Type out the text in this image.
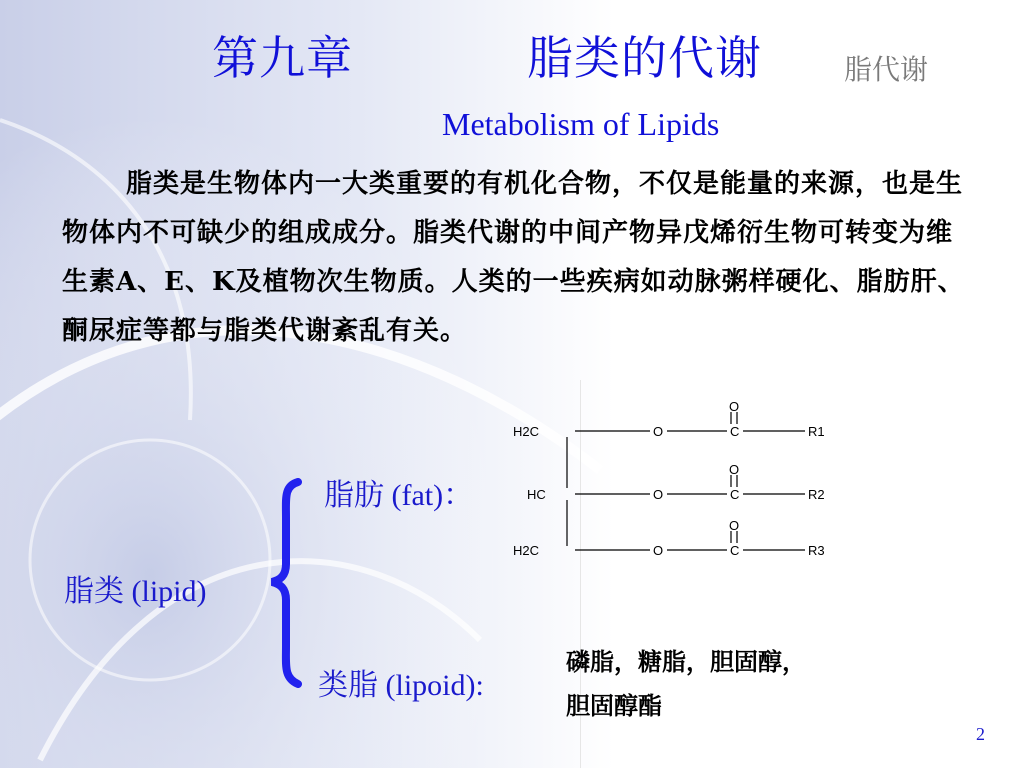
第九章	脂类的代谢	脂代谢
Metabolism of Lipids
脂类是生物体内一大类重要的有机化合物，不仅是能量的来源，也是生物体内不可缺少的组成成分。脂类代谢的中间产物异戊烯衍生物可转变为维生素A、E、K及植物次生物质。人类的一些疾病如动脉粥样硬化、脂肪肝、酮尿症等都与脂类代谢紊乱有关。
H2C	O	C
O
R1
HC	O	C
O
R2
H2C	O	C
O
R3
脂肪 (fat)：
脂类 (lipid)
类脂 (lipoid):
磷脂，糖脂，胆固醇，
胆固醇酯
2
